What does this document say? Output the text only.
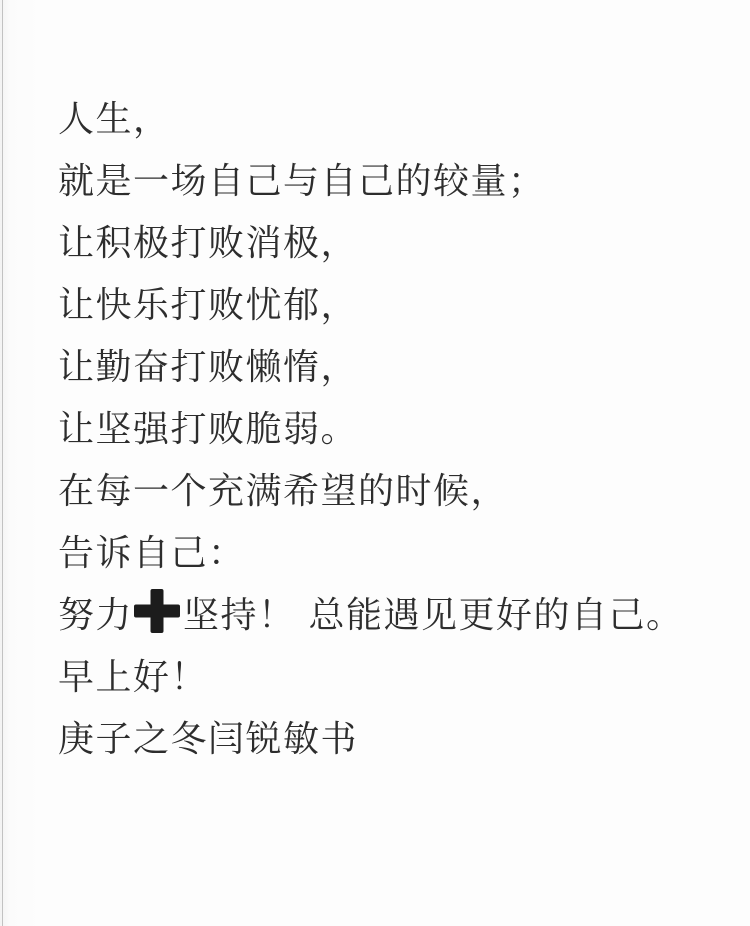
人生，
就是一场自己与自己的较量；
让积极打败消极，
让快乐打败忧郁，
让勤奋打败懒惰，
让坚强打败脆弱。
在每一个充满希望的时候，
告诉自己：
努力 坚持！ 总能遇见更好的自己。
早上好！
庚子之冬闫锐敏书
